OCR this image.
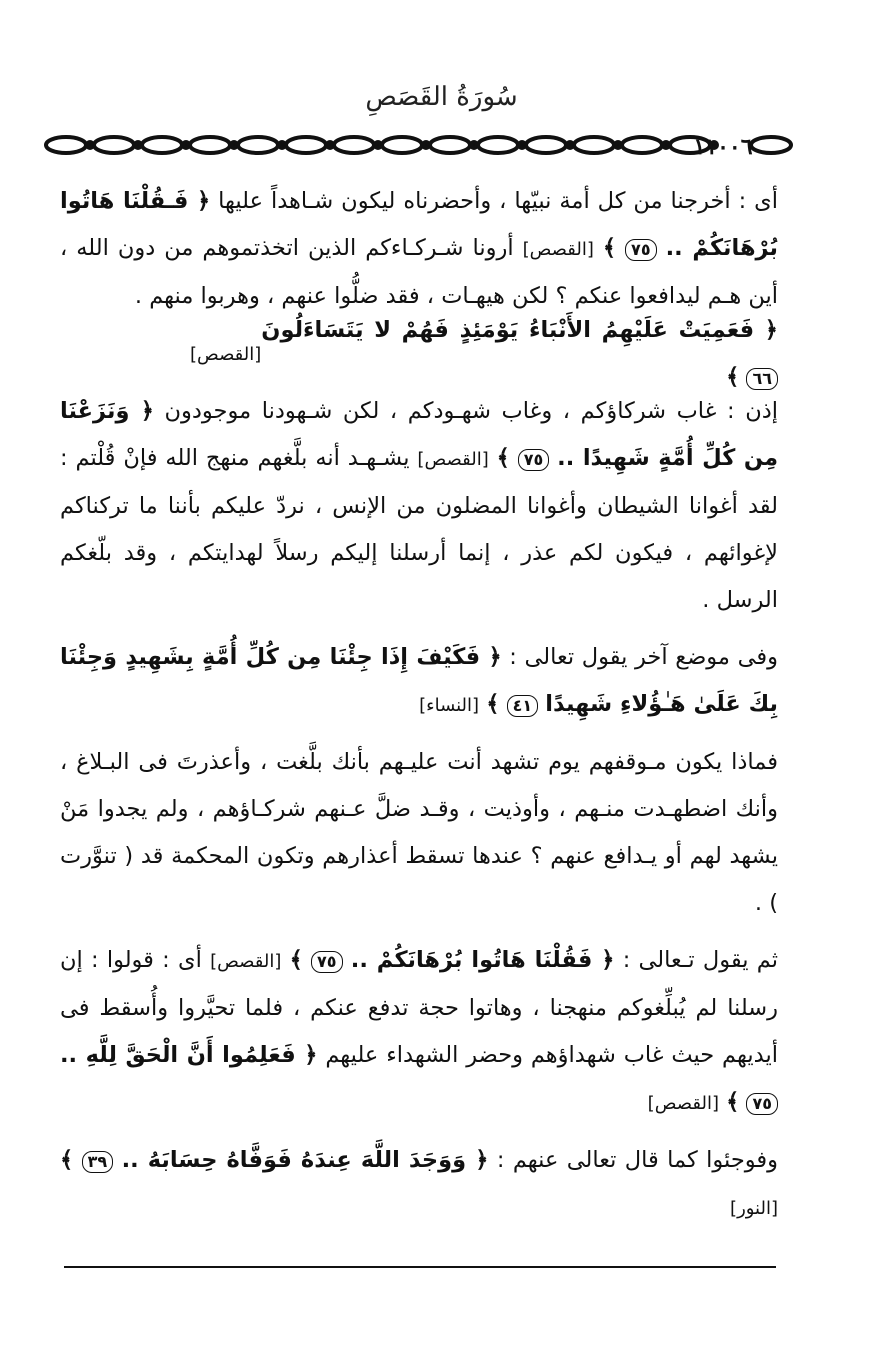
سُورَةُ القَصَصِ
١١٠٠٦

أى : أخرجنا من كل أمة نبيّها ، وأحضرناه ليكون شـاهداً عليها ﴿ فَـقُلْنَا هَاتُوا بُرْهَانَكُمْ .. ٧٥ ﴾ [القصص] أرونا شـركـاءكم الذين اتخذتموهم من دون الله ، أين هـم ليدافعوا عنكم ؟ لكن هيهـات ، فقد ضلُّوا عنهم ، وهربوا منهم .

﴿ فَعَمِيَتْ عَلَيْهِمُ الأَنْبَاءُ يَوْمَئِذٍ فَهُمْ لا يَتَسَاءَلُونَ ٦٦ ﴾
[القصص]

إذن : غاب شركاؤكم ، وغاب شهـودكم ، لكن شـهودنا موجودون ﴿ وَنَزَعْنَا مِن كُلِّ أُمَّةٍ شَهِيدًا .. ٧٥ ﴾ [القصص] يشـهـد أنه بلَّغهم منهج الله فإنْ قُلْتم : لقد أغوانا الشيطان وأغوانا المضلون من الإنس ، نردّ عليكم بأننا ما تركناكم لإغوائهم ، فيكون لكم عذر ، إنما أرسلنا إليكم رسلاً لهدايتكم ، وقد بلّغكم الرسل .

وفى موضع آخر يقول تعالى : ﴿ فَكَيْفَ إِذَا جِئْنَا مِن كُلِّ أُمَّةٍ بِشَهِيدٍ وَجِئْنَا بِكَ عَلَىٰ هَـٰؤُلاءِ شَهِيدًا ٤١ ﴾ [النساء]

فماذا يكون مـوقفهم يوم تشهد أنت عليـهم بأنك بلَّغت ، وأعذرتَ فى البـلاغ ، وأنك اضطهـدت منـهم ، وأوذيت ، وقـد ضلَّ عـنهم شركـاؤهم ، ولم يجدوا مَنْ يشهد لهم أو يـدافع عنهم ؟ عندها تسقط أعذارهم وتكون المحكمة قد ( تنوَّرت ) .

ثم يقول تـعالى : ﴿ فَقُلْنَا هَاتُوا بُرْهَانَكُمْ .. ٧٥ ﴾ [القصص] أى : قولوا : إن رسلنا لم يُبلِّغوكم منهجنا ، وهاتوا حجة تدفع عنكم ، فلما تحيَّروا وأُسقط فى أيديهم حيث غاب شهداؤهم وحضر الشهداء عليهم ﴿ فَعَلِمُوا أَنَّ الْحَقَّ لِلَّهِ .. ٧٥ ﴾ [القصص]

وفوجئوا كما قال تعالى عنهم : ﴿ وَوَجَدَ اللَّهَ عِندَهُ فَوَفَّاهُ حِسَابَهُ .. ٣٩ ﴾ [النور]
